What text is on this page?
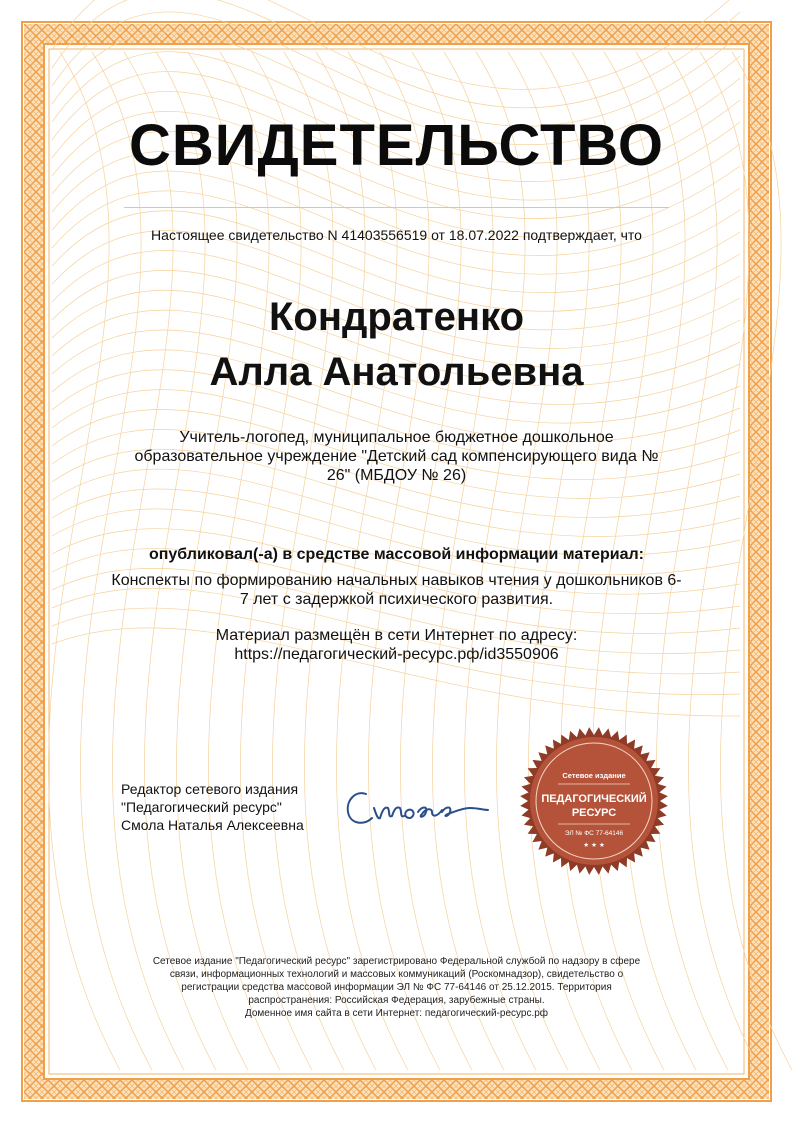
СВИДЕТЕЛЬСТВО
Настоящее свидетельство N 41403556519 от 18.07.2022 подтверждает, что
Кондратенко
Алла Анатольевна
Учитель-логопед, муниципальное бюджетное дошкольное образовательное учреждение "Детский сад компенсирующего вида № 26" (МБДОУ № 26)
опубликовал(-а) в средстве массовой информации материал:
Конспекты по формированию начальных навыков чтения у дошкольников 6-7 лет с задержкой психического развития.
Материал размещён в сети Интернет по адресу:
https://педагогический-ресурс.рф/id3550906
Редактор сетевого издания
"Педагогический ресурс"
Смола Наталья Алексеевна
Сетевое издание
ПЕДАГОГИЧЕСКИЙ
РЕСУРС
ЭЛ № ФС 77-64146
★ ★ ★
Сетевое издание "Педагогический ресурс" зарегистрировано Федеральной службой по надзору в сфере
связи, информационных технологий и массовых коммуникаций (Роскомнадзор), свидетельство о
регистрации средства массовой информации ЭЛ № ФС 77-64146 от 25.12.2015. Территория
распространения: Российская Федерация, зарубежные страны.
Доменное имя сайта в сети Интернет: педагогический-ресурс.рф
